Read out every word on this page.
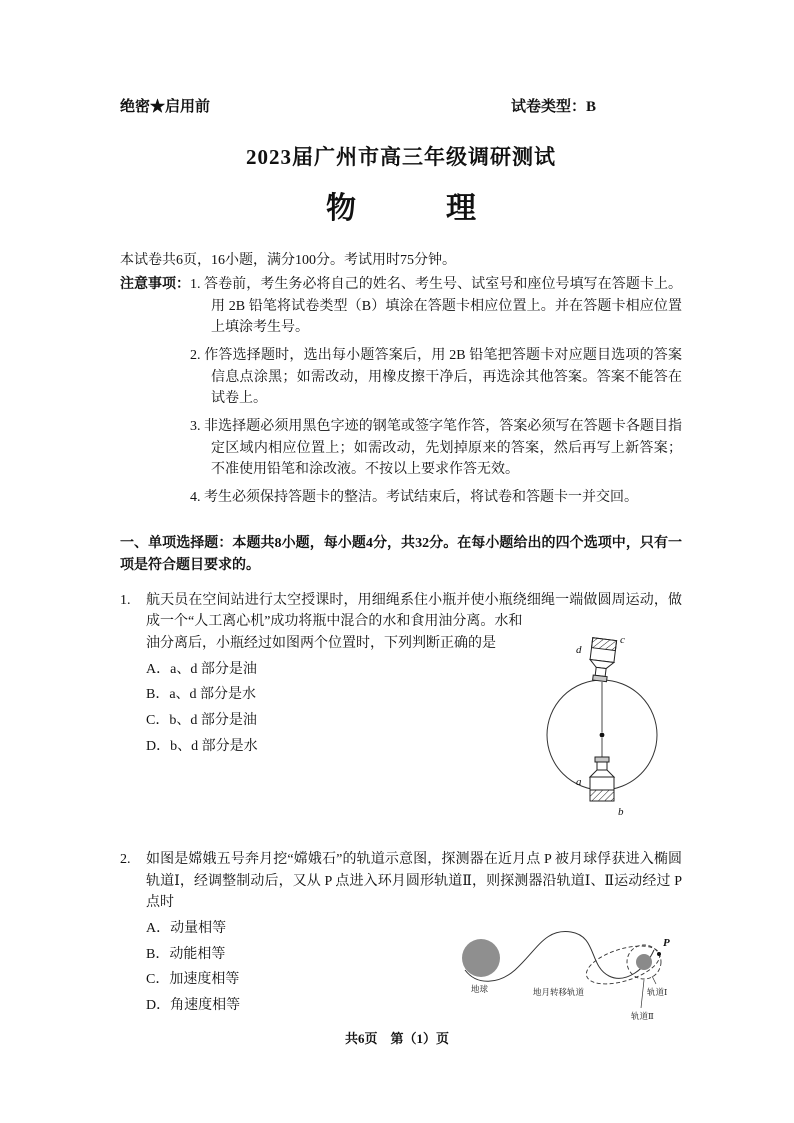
绝密★启用前	试卷类型：B
2023届广州市高三年级调研测试
物　　　理

本试卷共6页，16小题，满分100分。考试用时75分钟。

注意事项： 1. 答卷前，考生务必将自己的姓名、考生号、试室号和座位号填写在答题卡上。用 2B 铅笔将试卷类型（B）填涂在答题卡相应位置上。并在答题卡相应位置上填涂考生号。

2. 作答选择题时，选出每小题答案后，用 2B 铅笔把答题卡对应题目选项的答案信息点涂黑；如需改动，用橡皮擦干净后，再选涂其他答案。答案不能答在试卷上。

3. 非选择题必须用黑色字迹的钢笔或签字笔作答，答案必须写在答题卡各题目指定区域内相应位置上；如需改动，先划掉原来的答案，然后再写上新答案；不准使用铅笔和涂改液。不按以上要求作答无效。

4. 考生必须保持答题卡的整洁。考试结束后，将试卷和答题卡一并交回。

一、单项选择题：本题共8小题，每小题4分，共32分。在每小题给出的四个选项中，只有一项是符合题目要求的。

1. 航天员在空间站进行太空授课时，用细绳系住小瓶并使小瓶绕细绳一端做圆周运动，做成一个“人工离心机”成功将瓶中混合的水和食用油分离。水和

油分离后，小瓶经过如图两个位置时，下列判断正确的是

A．a、d 部分是油

B．a、d 部分是水

C．b、d 部分是油

D．b、d 部分是水

d
c
a
b
2. 如图是嫦娥五号奔月挖“嫦娥石”的轨道示意图，探测器在近月点 P 被月球俘获进入椭圆轨道Ⅰ，经调整制动后，又从 P 点进入环月圆形轨道Ⅱ，则探测器沿轨道Ⅰ、Ⅱ运动经过 P 点时

A．动量相等

B．动能相等

C．加速度相等

D．角速度相等

P
地球	地月转移轨道	轨道Ⅰ
轨道Ⅱ
共6页　第（1）页
